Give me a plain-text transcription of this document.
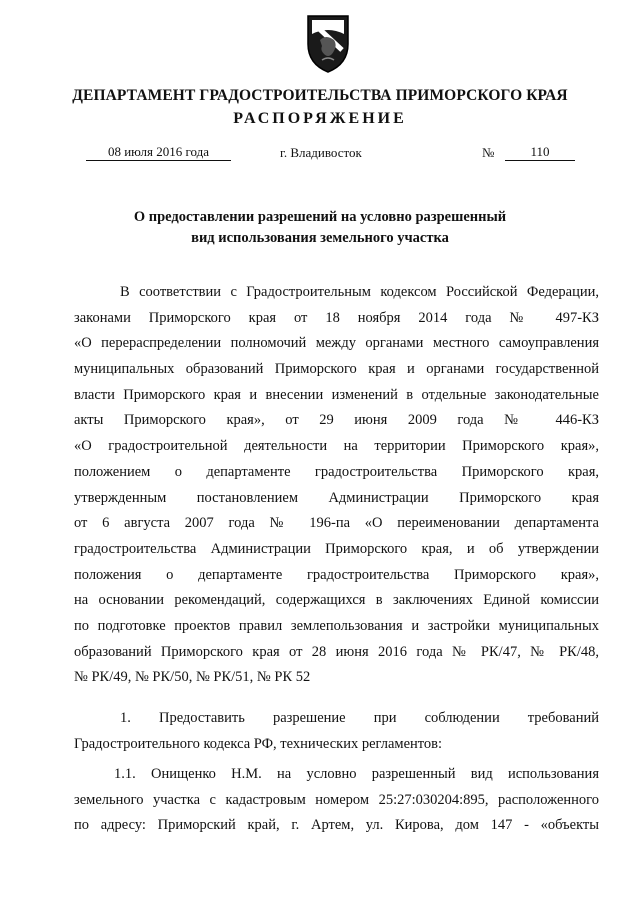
ДЕПАРТАМЕНТ ГРАДОСТРОИТЕЛЬСТВА ПРИМОРСКОГО КРАЯ
РАСПОРЯЖЕНИЕ
08 июля 2016 года	г. Владивосток	№	110
О предоставлении разрешений на условно разрешенный
вид использования земельного участка
В соответствии с Градостроительным кодексом Российской Федерации,
законами Приморского края от 18 ноября 2014 года № 497-КЗ
«О перераспределении полномочий между органами местного самоуправления
муниципальных образований Приморского края и органами государственной
власти Приморского края и внесении изменений в отдельные законодательные
акты Приморского края», от 29 июня 2009 года № 446-КЗ
«О градостроительной деятельности на территории Приморского края»,
положением о департаменте градостроительства Приморского края,
утвержденным постановлением Администрации Приморского края
от 6 августа 2007 года № 196-па «О переименовании департамента
градостроительства Администрации Приморского края, и об утверждении
положения о департаменте градостроительства Приморского края»,
на основании рекомендаций, содержащихся в заключениях Единой комиссии
по подготовке проектов правил землепользования и застройки муниципальных
образований Приморского края от 28 июня 2016 года № РК/47, № РК/48,
№ РК/49, № РК/50, № РК/51, № РК 52
1. Предоставить разрешение при соблюдении требований
Градостроительного кодекса РФ, технических регламентов:
1.1. Онищенко Н.М. на условно разрешенный вид использования
земельного участка с кадастровым номером 25:27:030204:895, расположенного
по адресу: Приморский край, г. Артем, ул. Кирова, дом 147 - «объекты
